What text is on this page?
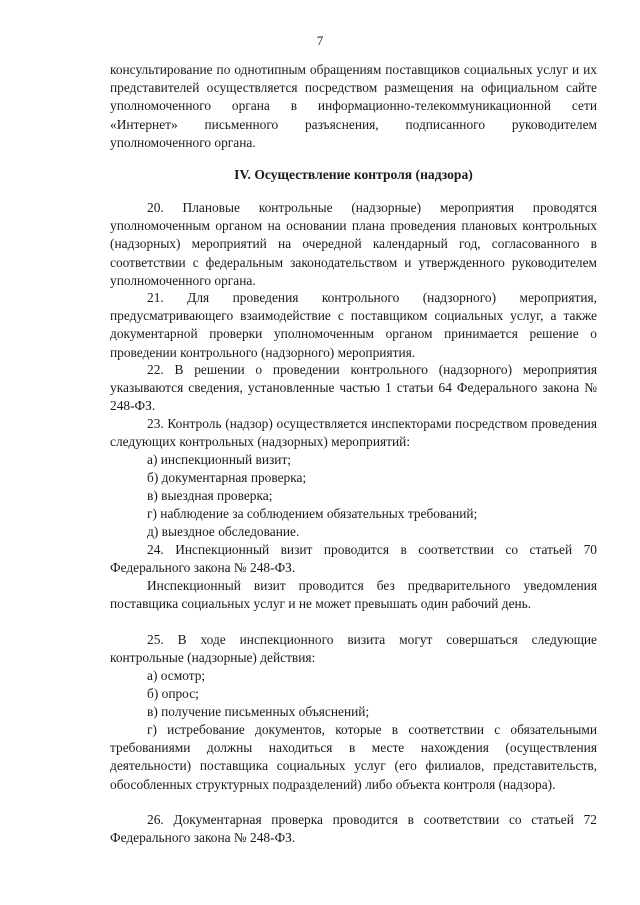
7

консультирование по однотипным обращениям поставщиков социальных услуг и их представителей осуществляется посредством размещения на официальном сайте уполномоченного органа в информационно-телекоммуникационной сети «Интернет» письменного разъяснения, подписанного руководителем уполномоченного органа.

IV. Осуществление контроля (надзора)

20. Плановые контрольные (надзорные) мероприятия проводятся уполномоченным органом на основании плана проведения плановых контрольных (надзорных) мероприятий на очередной календарный год, согласованного в соответствии с федеральным законодательством и утвержденного руководителем уполномоченного органа.

21. Для проведения контрольного (надзорного) мероприятия, предусматривающего взаимодействие с поставщиком социальных услуг, а также документарной проверки уполномоченным органом принимается решение о проведении контрольного (надзорного) мероприятия.

22. В решении о проведении контрольного (надзорного) мероприятия указываются сведения, установленные частью 1 статьи 64 Федерального закона № 248-ФЗ.

23. Контроль (надзор) осуществляется инспекторами посредством проведения следующих контрольных (надзорных) мероприятий:

а) инспекционный визит;

б) документарная проверка;

в) выездная проверка;

г) наблюдение за соблюдением обязательных требований;

д) выездное обследование.

24. Инспекционный визит проводится в соответствии со статьей 70 Федерального закона № 248-ФЗ.

Инспекционный визит проводится без предварительного уведомления поставщика социальных услуг и не может превышать один рабочий день.

25. В ходе инспекционного визита могут совершаться следующие контрольные (надзорные) действия:

а) осмотр;

б) опрос;

в) получение письменных объяснений;

г) истребование документов, которые в соответствии с обязательными требованиями должны находиться в месте нахождения (осуществления деятельности) поставщика социальных услуг (его филиалов, представительств, обособленных структурных подразделений) либо объекта контроля (надзора).

26. Документарная проверка проводится в соответствии со статьей 72 Федерального закона № 248-ФЗ.
